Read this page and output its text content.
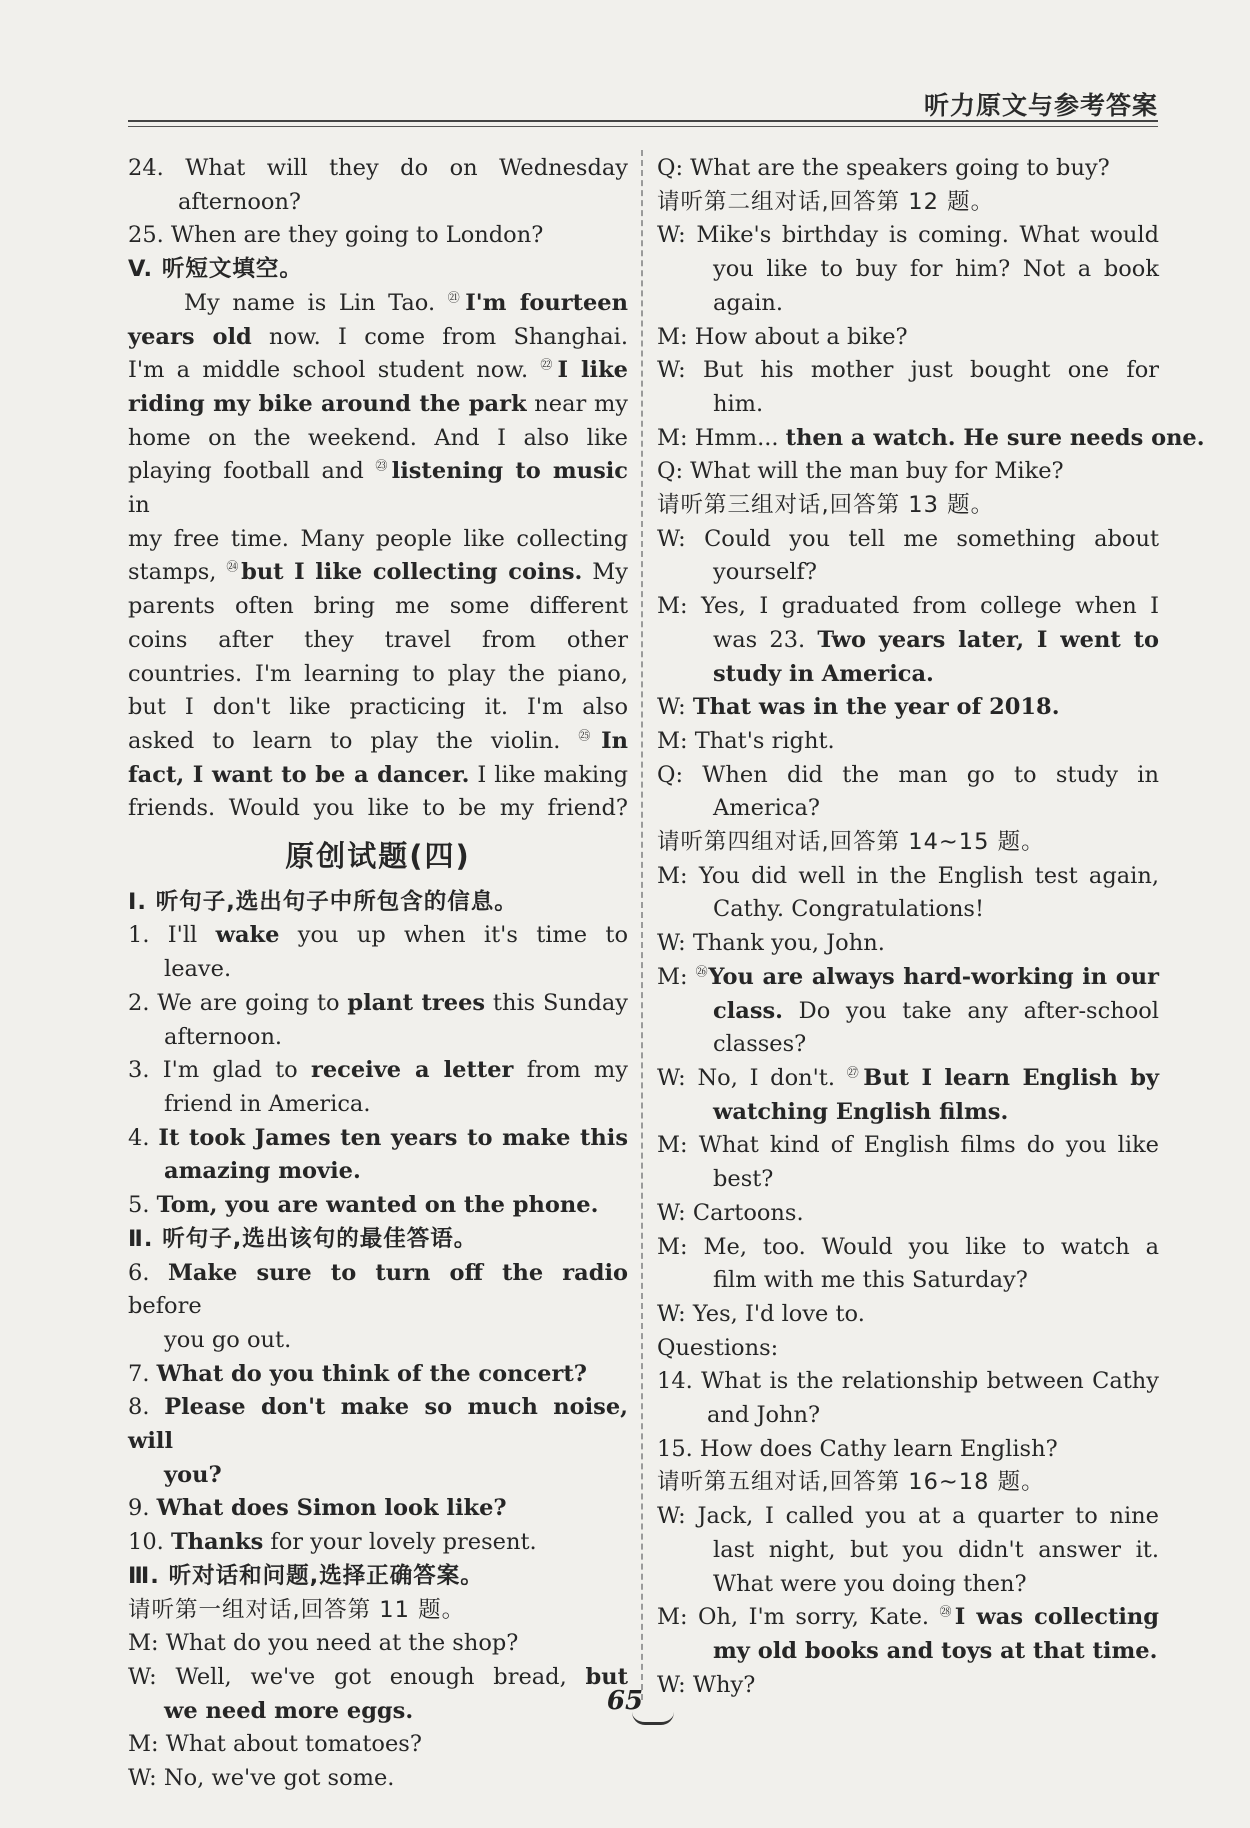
听力原文与参考答案
24. What will they do on Wednesday
afternoon?
25. When are they going to London?
V. 听短文填空。
My name is Lin Tao. $^㉑$I'm fourteen
years old now. I come from Shanghai.
I'm a middle school student now. $^㉒$I like
riding my bike around the park near my
home on the weekend. And I also like
playing football and $^㉓$listening to music in
my free time. Many people like collecting
stamps, $^㉔$but I like collecting coins. My
parents often bring me some different
coins after they travel from other
countries. I'm learning to play the piano,
but I don't like practicing it. I'm also
asked to learn to play the violin. $^㉕$In
fact, I want to be a dancer. I like making
friends. Would you like to be my friend?
原创试题(四)
Ⅰ. 听句子,选出句子中所包含的信息。
1. I'll wake you up when it's time to
leave.
2. We are going to plant trees this Sunday
afternoon.
3. I'm glad to receive a letter from my
friend in America.
4. It took James ten years to make this
amazing movie.
5. Tom, you are wanted on the phone.
Ⅱ. 听句子,选出该句的最佳答语。
6. Make sure to turn off the radio before
you go out.
7. What do you think of the concert?
8. Please don't make so much noise, will
you?
9. What does Simon look like?
10. Thanks for your lovely present.
Ⅲ. 听对话和问题,选择正确答案。
请听第一组对话,回答第 11 题。
M: What do you need at the shop?
W: Well, we've got enough bread, but
we need more eggs.
M: What about tomatoes?
W: No, we've got some.
Q: What are the speakers going to buy?
请听第二组对话,回答第 12 题。
W: Mike's birthday is coming. What would
you like to buy for him? Not a book
again.
M: How about a bike?
W: But his mother just bought one for
him.
M: Hmm... then a watch. He sure needs one.
Q: What will the man buy for Mike?
请听第三组对话,回答第 13 题。
W: Could you tell me something about
yourself?
M: Yes, I graduated from college when I
was 23. Two years later, I went to
study in America.
W: That was in the year of 2018.
M: That's right.
Q: When did the man go to study in
America?
请听第四组对话,回答第 14~15 题。
M: You did well in the English test again,
Cathy. Congratulations!
W: Thank you, John.
M: $^㉖$You are always hard-working in our
class. Do you take any after-school
classes?
W: No, I don't. $^㉗$But I learn English by
watching English films.
M: What kind of English films do you like
best?
W: Cartoons.
M: Me, too. Would you like to watch a
film with me this Saturday?
W: Yes, I'd love to.
Questions:
14. What is the relationship between Cathy
and John?
15. How does Cathy learn English?
请听第五组对话,回答第 16~18 题。
W: Jack, I called you at a quarter to nine
last night, but you didn't answer it.
What were you doing then?
M: Oh, I'm sorry, Kate. $^㉘$I was collecting
my old books and toys at that time.
W: Why?
65
